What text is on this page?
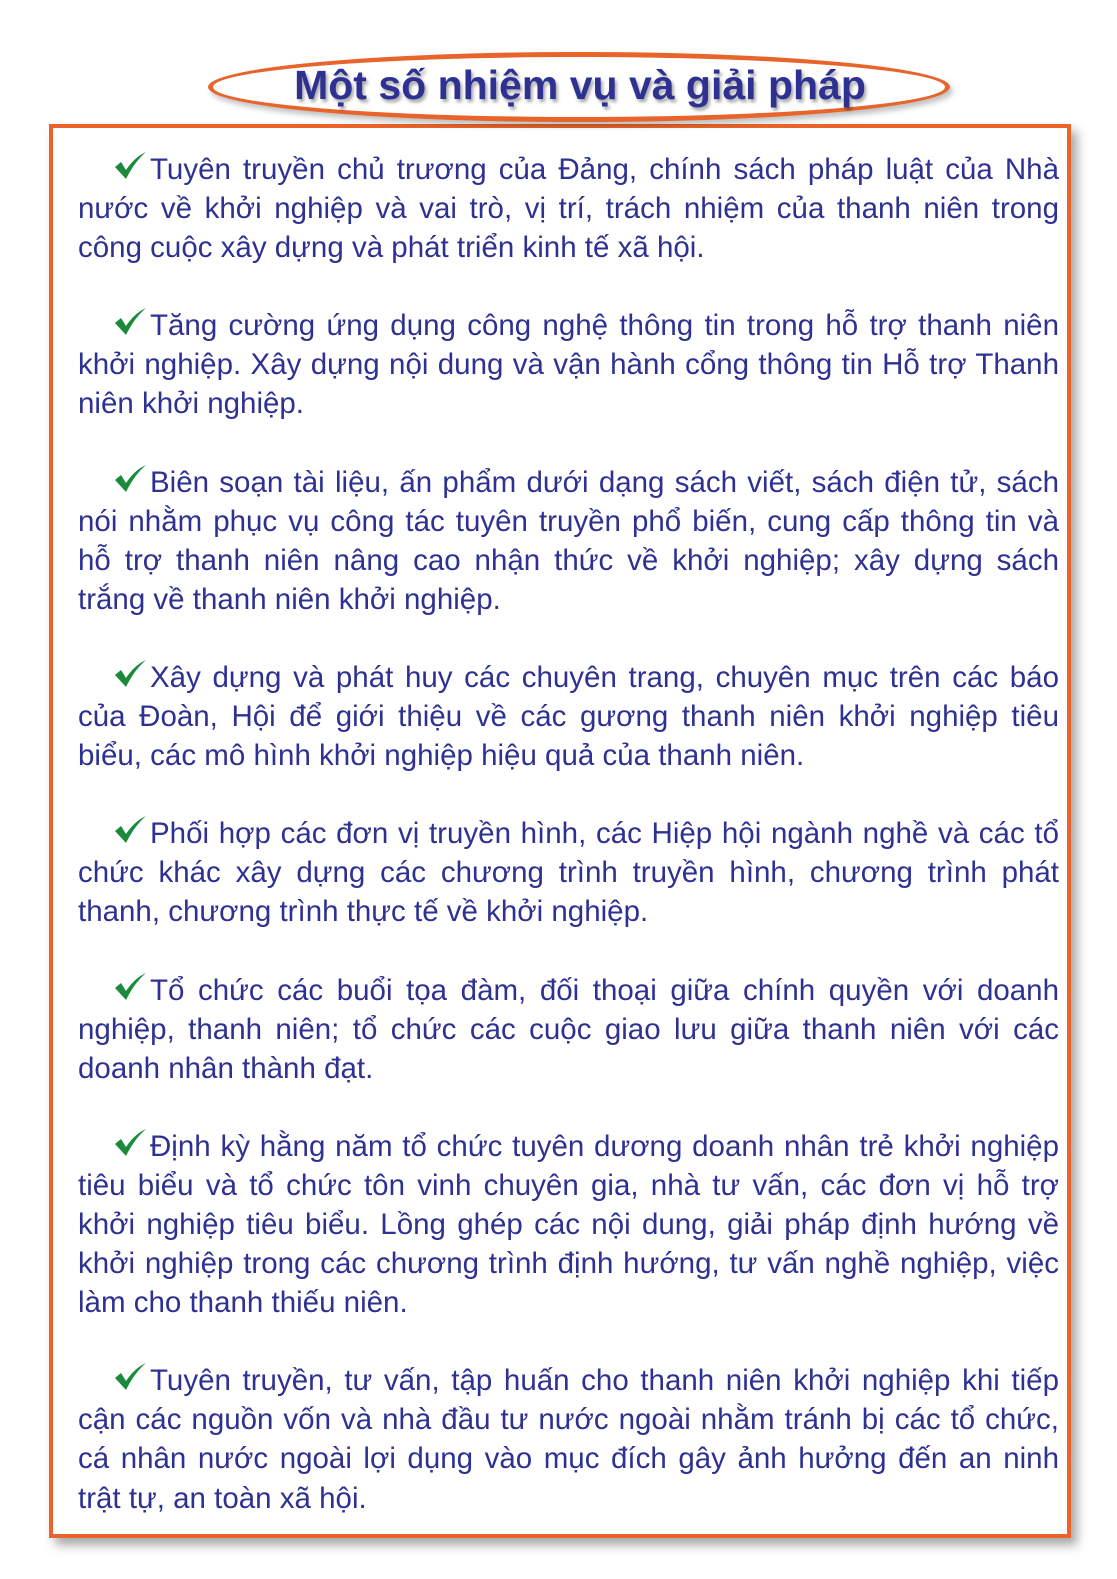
Một số nhiệm vụ và giải pháp
Tuyên truyền chủ trương của Đảng, chính sách pháp luật của Nhà nước về khởi nghiệp và vai trò, vị trí, trách nhiệm của thanh niên trong công cuộc xây dựng và phát triển kinh tế xã hội.
Tăng cường ứng dụng công nghệ thông tin trong hỗ trợ thanh niên khởi nghiệp. Xây dựng nội dung và vận hành cổng thông tin Hỗ trợ Thanh niên khởi nghiệp.
Biên soạn tài liệu, ấn phẩm dưới dạng sách viết, sách điện tử, sách nói nhằm phục vụ công tác tuyên truyền phổ biến, cung cấp thông tin và hỗ trợ thanh niên nâng cao nhận thức về khởi nghiệp; xây dựng sách trắng về thanh niên khởi nghiệp.
Xây dựng và phát huy các chuyên trang, chuyên mục trên các báo của Đoàn, Hội để giới thiệu về các gương thanh niên khởi nghiệp tiêu biểu, các mô hình khởi nghiệp hiệu quả của thanh niên.
Phối hợp các đơn vị truyền hình, các Hiệp hội ngành nghề và các tổ chức khác xây dựng các chương trình truyền hình, chương trình phát thanh, chương trình thực tế về khởi nghiệp.
Tổ chức các buổi tọa đàm, đối thoại giữa chính quyền với doanh nghiệp, thanh niên; tổ chức các cuộc giao lưu giữa thanh niên với các doanh nhân thành đạt.
Định kỳ hằng năm tổ chức tuyên dương doanh nhân trẻ khởi nghiệp tiêu biểu và tổ chức tôn vinh chuyên gia, nhà tư vấn, các đơn vị hỗ trợ khởi nghiệp tiêu biểu. Lồng ghép các nội dung, giải pháp định hướng về khởi nghiệp trong các chương trình định hướng, tư vấn nghề nghiệp, việc làm cho thanh thiếu niên.
Tuyên truyền, tư vấn, tập huấn cho thanh niên khởi nghiệp khi tiếp cận các nguồn vốn và nhà đầu tư nước ngoài nhằm tránh bị các tổ chức, cá nhân nước ngoài lợi dụng vào mục đích gây ảnh hưởng đến an ninh trật tự, an toàn xã hội.
